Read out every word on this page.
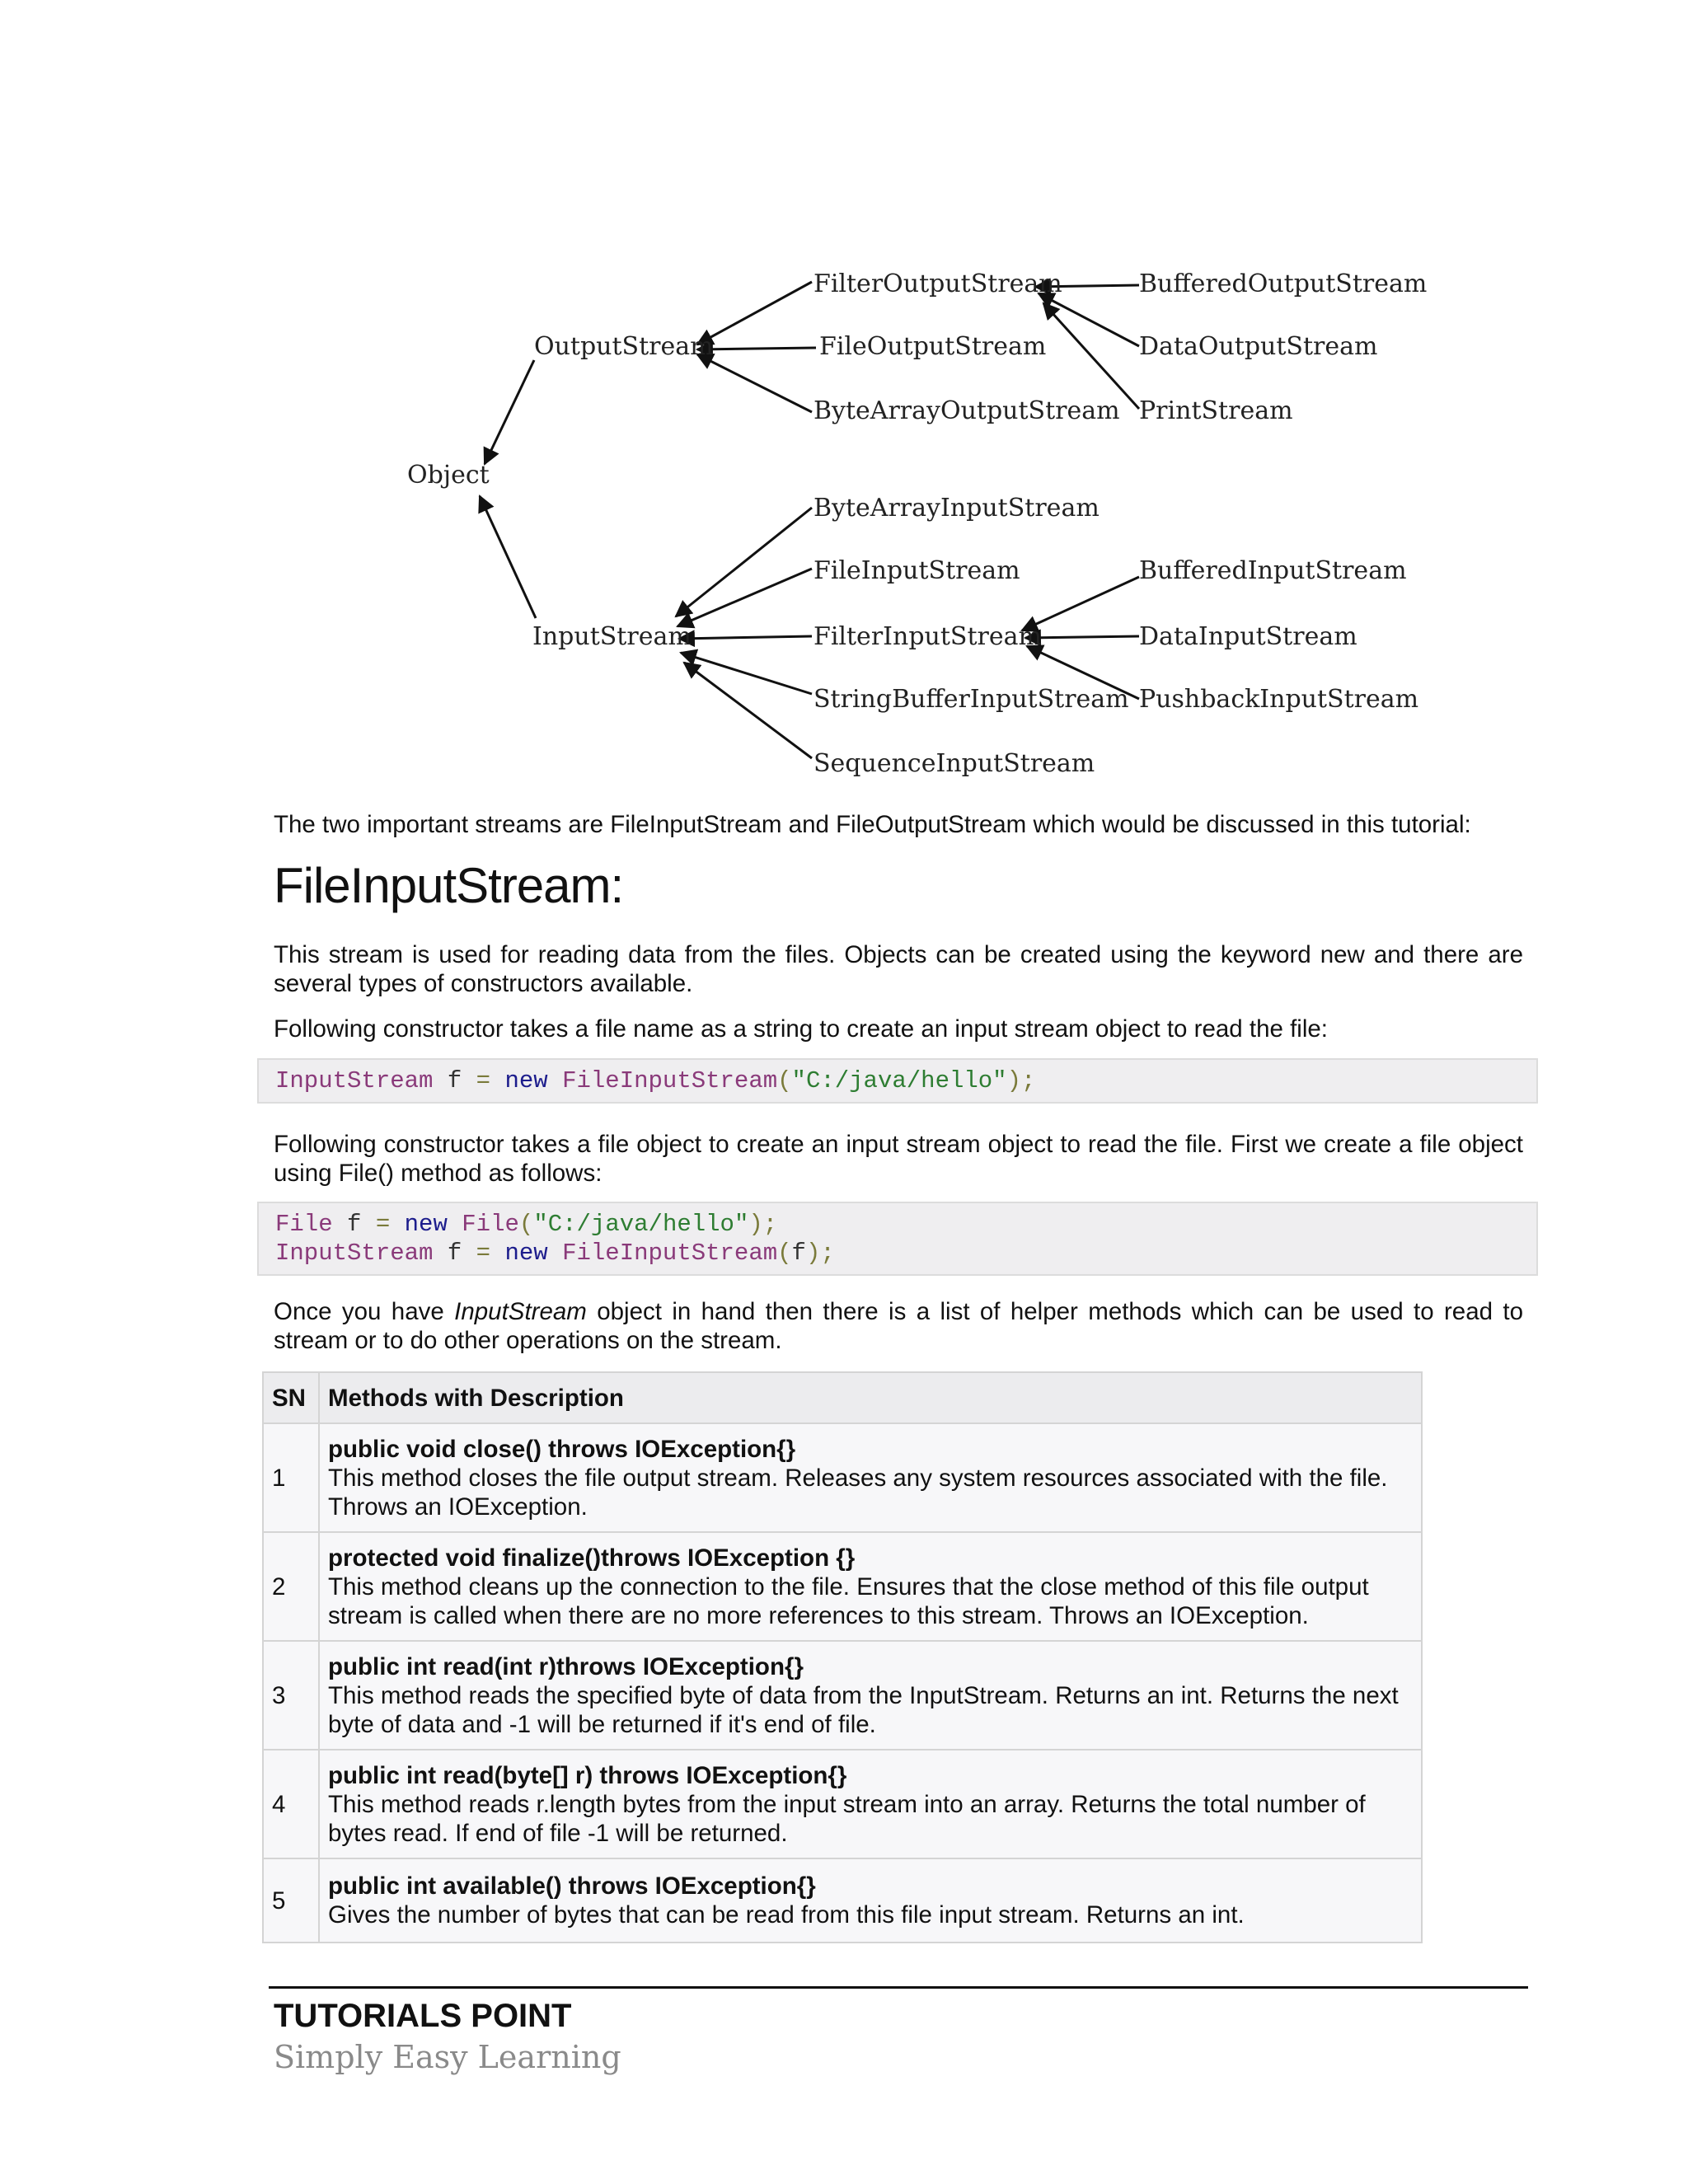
Object
OutputStream
InputStream
FilterOutputStream
FileOutputStream
ByteArrayOutputStream
BufferedOutputStream
DataOutputStream
PrintStream
ByteArrayInputStream
FileInputStream
FilterInputStream
StringBufferInputStream
SequenceInputStream
BufferedInputStream
DataInputStream
PushbackInputStream

The two important streams are FileInputStream and FileOutputStream which would be discussed in this tutorial:

FileInputStream:

This stream is used for reading data from the files. Objects can be created using the keyword new and there are several types of constructors available.

Following constructor takes a file name as a string to create an input stream object to read the file:

InputStream f = new FileInputStream("C:/java/hello");

Following constructor takes a file object to create an input stream object to read the file. First we create a file object using File() method as follows:

File f = new File("C:/java/hello");
InputStream f = new FileInputStream(f);

Once you have InputStream object in hand then there is a list of helper methods which can be used to read to stream or to do other operations on the stream.

SN	Methods with Description
1	public void close() throws IOException{}
This method closes the file output stream. Releases any system resources associated with the file. Throws an IOException.
2	protected void finalize()throws IOException {}
This method cleans up the connection to the file. Ensures that the close method of this file output stream is called when there are no more references to this stream. Throws an IOException.
3	public int read(int r)throws IOException{}
This method reads the specified byte of data from the InputStream. Returns an int. Returns the next byte of data and -1 will be returned if it's end of file.
4	public int read(byte[] r) throws IOException{}
This method reads r.length bytes from the input stream into an array. Returns the total number of bytes read. If end of file -1 will be returned.
5	public int available() throws IOException{}
Gives the number of bytes that can be read from this file input stream. Returns an int.

TUTORIALS POINT

Simply Easy Learning
